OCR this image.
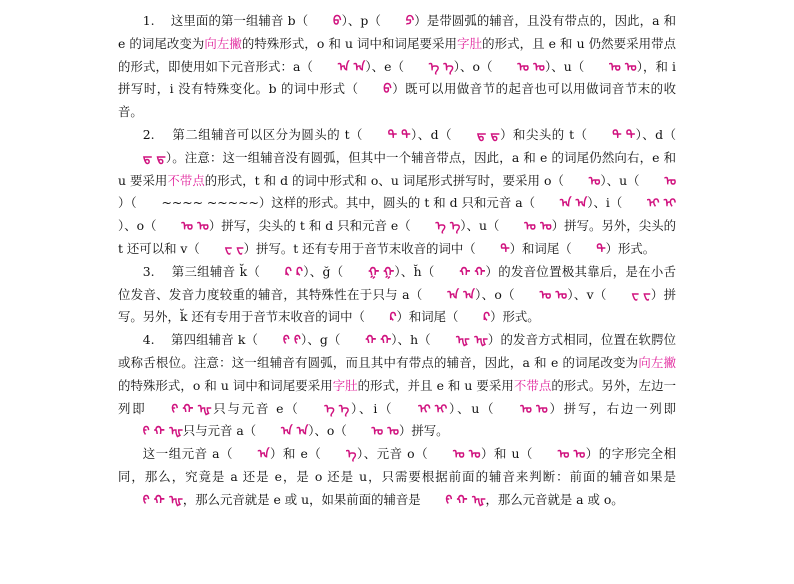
1.    这里面的第一组辅音 b（ ᠪ）、p（ ᠫ）是带圆弧的辅音，且没有带点的，因此，a 和 e 的词尾改变为向左撇的特殊形式，o 和 u 词中和词尾要采用字肚的形式，且 e 和 u 仍然要采用带点的形式，即使用如下元音形式：a（ ᠠ ᠠ）、e（ ᠡ ᠡ）、o（ ᠣ ᠣ）、u（ ᠤ ᠤ），和 i 拼写时，i 没有特殊变化。b 的词中形式（ ᠪ）既可以用做音节的起音也可以用做词音节末的收音。

2.    第二组辅音可以区分为圆头的 t（ ᠲ ᠲ）、d（ ᠳ ᠳ）和尖头的 t（ ᠲ ᠲ）、d（ᠳ ᠳ）。注意：这一组辅音没有圆弧，但其中一个辅音带点，因此，a 和 e 的词尾仍然向右，e 和 u 要采用不带点的形式，t 和 d 的词中形式和 o、u 词尾形式拼写时，要采用 o（ ᠣ）、u（ ᠤ）（ ~~~~ ~~~~~）这样的形式。其中，圆头的 t 和 d 只和元音 a（ ᠠ ᠠ）、i（ ᠢ ᠢ）、o（ ᠣ ᠣ）拼写，尖头的 t 和 d 只和元音 e（ ᠡ ᠡ）、u（ ᠤ ᠤ）拼写。另外，尖头的 t 还可以和 v（ ᠸ ᠸ）拼写。t 还有专用于音节末收音的词中（ ᠲ）和词尾（ ᠲ）形式。

3.    第三组辅音 k̆（ ᠺ ᠺ）、ğ（ ᠭ ᠭ）、h̆（ ᠬ ᠬ）的发音位置极其靠后，是在小舌位发音、发音力度较重的辅音，其特殊性在于只与 a（ ᠠ ᠠ）、o（ ᠣ ᠣ）、v（ ᠸ ᠸ）拼写。另外，k̆ 还有专用于音节末收音的词中（ ᠺ）和词尾（ ᠺ）形式。

4.    第四组辅音 k（ ᠻ ᠻ）、g（ ᠬ ᠬ）、h（ ᠾ ᠾ）的发音方式相同，位置在软腭位或称舌根位。注意：这一组辅音有圆弧，而且其中有带点的辅音，因此，a 和 e 的词尾改变为向左撇的特殊形式，o 和 u 词中和词尾要采用字肚的形式，并且 e 和 u 要采用不带点的形式。另外，左边一列即 ᠻ ᠬ ᠾ只与元音 e（ ᠡ ᠡ）、i（ ᠢ ᠢ）、u（ ᠤ ᠤ）拼写，右边一列即ᠻ ᠬ ᠾ只与元音 a（ ᠠ ᠠ）、o（ ᠣ ᠣ）拼写。

这一组元音 a（ ᠠ）和 e（ ᠡ）、元音 o（ ᠣ ᠣ）和 u（ ᠤ ᠤ）的字形完全相同，那么，究竟是 a 还是 e，是 o 还是 u，只需要根据前面的辅音来判断：前面的辅音如果是ᠻ ᠬ ᠾ，那么元音就是 e 或 u，如果前面的辅音是 ᠻ ᠬ ᠾ，那么元音就是 a 或 o。
